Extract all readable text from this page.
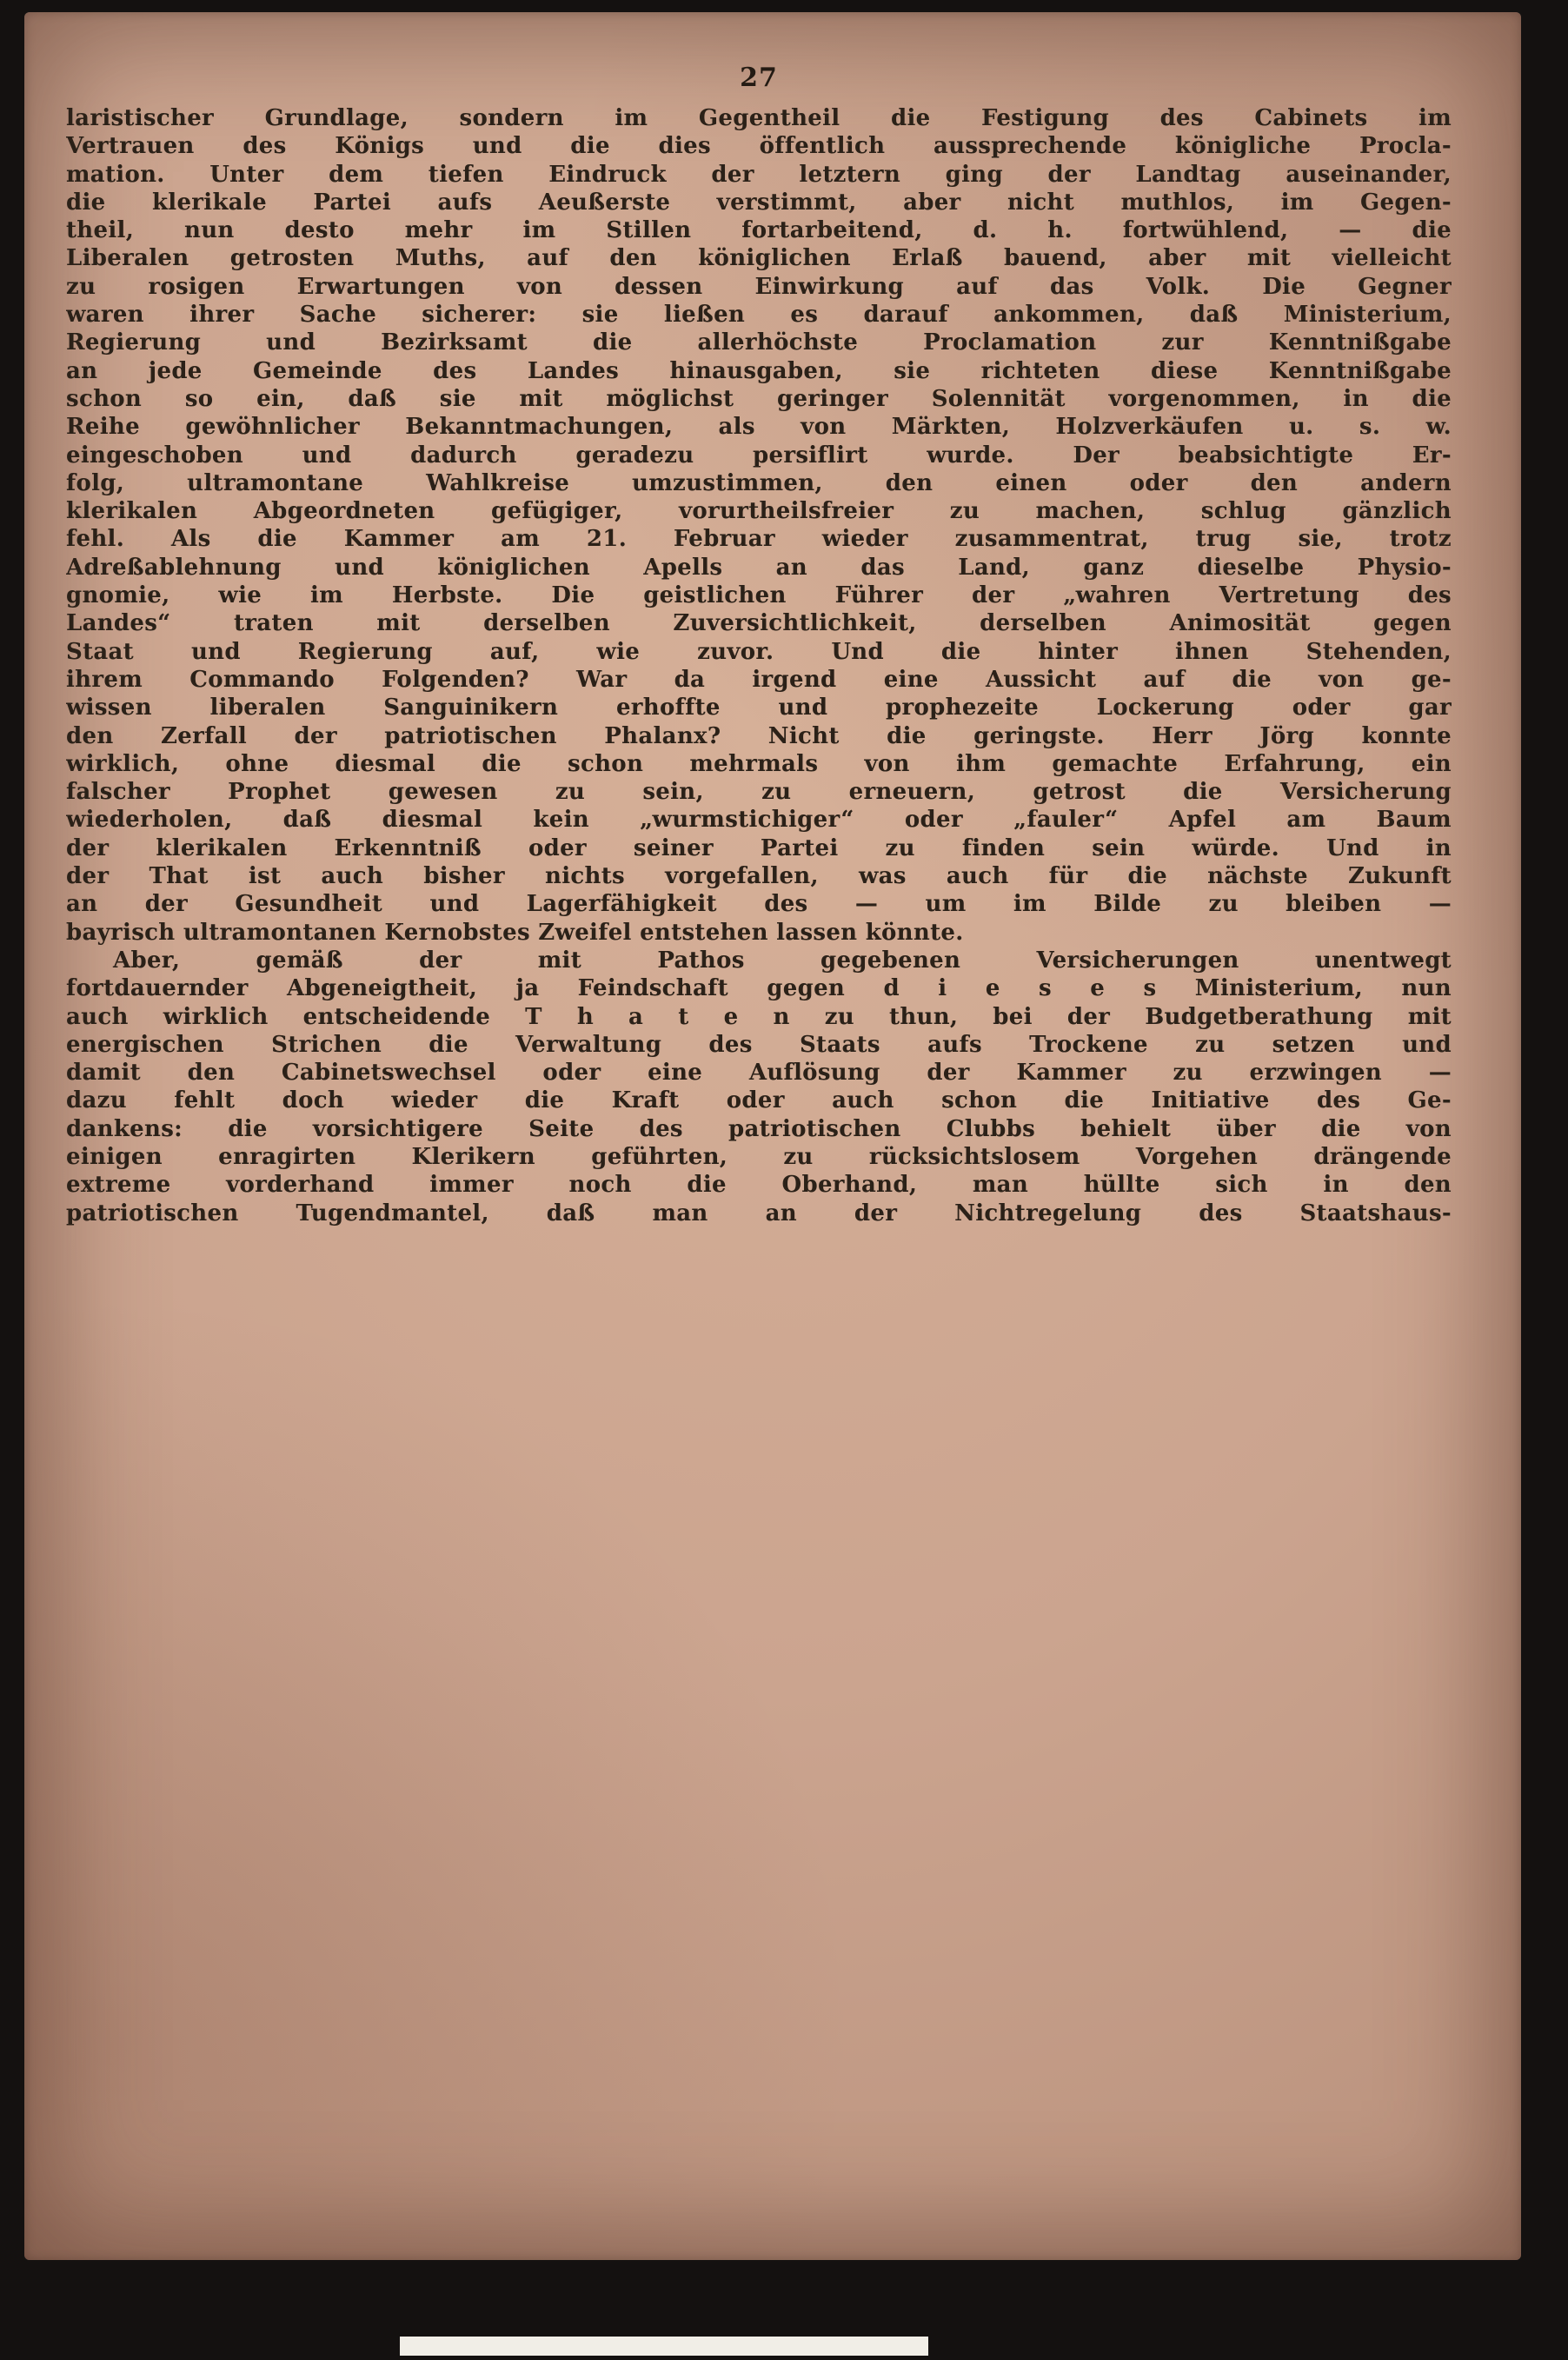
27
laristischer Grundlage, sondern im Gegentheil die Festigung des Cabinets im
Vertrauen des Königs und die dies öffentlich aussprechende königliche Procla-
mation. Unter dem tiefen Eindruck der letztern ging der Landtag auseinander,
die klerikale Partei aufs Aeußerste verstimmt, aber nicht muthlos, im Gegen-
theil, nun desto mehr im Stillen fortarbeitend, d. h. fortwühlend, — die
Liberalen getrosten Muths, auf den königlichen Erlaß bauend, aber mit vielleicht
zu rosigen Erwartungen von dessen Einwirkung auf das Volk. Die Gegner
waren ihrer Sache sicherer: sie ließen es darauf ankommen, daß Ministerium,
Regierung und Bezirksamt die allerhöchste Proclamation zur Kenntnißgabe
an jede Gemeinde des Landes hinausgaben, sie richteten diese Kenntnißgabe
schon so ein, daß sie mit möglichst geringer Solennität vorgenommen, in die
Reihe gewöhnlicher Bekanntmachungen, als von Märkten, Holzverkäufen u. s. w.
eingeschoben und dadurch geradezu persiflirt wurde. Der beabsichtigte Er-
folg, ultramontane Wahlkreise umzustimmen, den einen oder den andern
klerikalen Abgeordneten gefügiger, vorurtheilsfreier zu machen, schlug gänzlich
fehl. Als die Kammer am 21. Februar wieder zusammentrat, trug sie, trotz
Adreßablehnung und königlichen Apells an das Land, ganz dieselbe Physio-
gnomie, wie im Herbste. Die geistlichen Führer der „wahren Vertretung des
Landes“ traten mit derselben Zuversichtlichkeit, derselben Animosität gegen
Staat und Regierung auf, wie zuvor. Und die hinter ihnen Stehenden,
ihrem Commando Folgenden? War da irgend eine Aussicht auf die von ge-
wissen liberalen Sanguinikern erhoffte und prophezeite Lockerung oder gar
den Zerfall der patriotischen Phalanx? Nicht die geringste. Herr Jörg konnte
wirklich, ohne diesmal die schon mehrmals von ihm gemachte Erfahrung, ein
falscher Prophet gewesen zu sein, zu erneuern, getrost die Versicherung
wiederholen, daß diesmal kein „wurmstichiger“ oder „fauler“ Apfel am Baum
der klerikalen Erkenntniß oder seiner Partei zu finden sein würde. Und in
der That ist auch bisher nichts vorgefallen, was auch für die nächste Zukunft
an der Gesundheit und Lagerfähigkeit des — um im Bilde zu bleiben —
bayrisch ultramontanen Kernobstes Zweifel entstehen lassen könnte.
Aber, gemäß der mit Pathos gegebenen Versicherungen unentwegt
fortdauernder Abgeneigtheit, ja Feindschaft gegen d i e s e s Ministerium, nun
auch wirklich entscheidende T h a t e n zu thun, bei der Budgetberathung mit
energischen Strichen die Verwaltung des Staats aufs Trockene zu setzen und
damit den Cabinetswechsel oder eine Auflösung der Kammer zu erzwingen —
dazu fehlt doch wieder die Kraft oder auch schon die Initiative des Ge-
dankens: die vorsichtigere Seite des patriotischen Clubbs behielt über die von
einigen enragirten Klerikern geführten, zu rücksichtslosem Vorgehen drängende
extreme vorderhand immer noch die Oberhand, man hüllte sich in den
patriotischen Tugendmantel, daß man an der Nichtregelung des Staatshaus-
